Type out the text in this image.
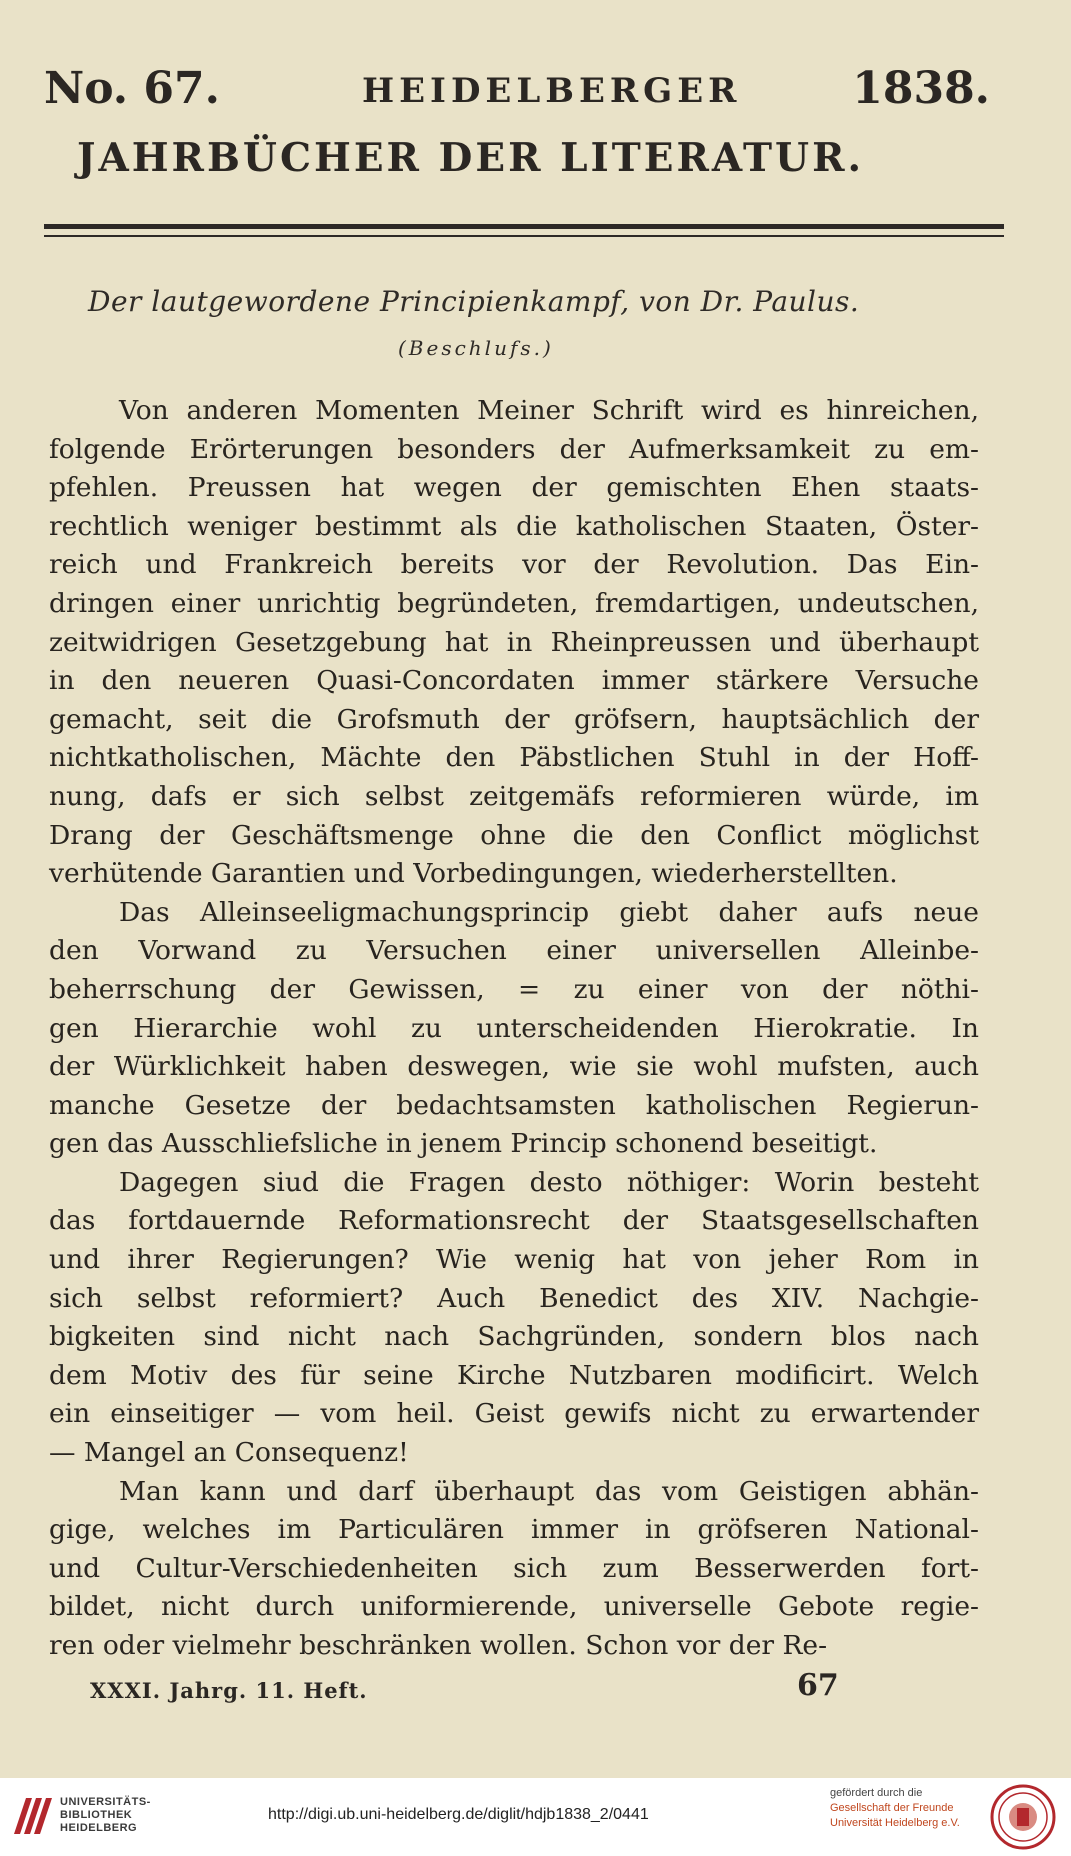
No. 67.	HEIDELBERGER	1838.
JAHRBÜCHER DER LITERATUR.
Der lautgewordene Principienkampf, von Dr. Paulus.
(Beschlufs.)
Von anderen Momenten Meiner Schrift wird es hinreichen,
folgende Erörterungen besonders der Aufmerksamkeit zu em-
pfehlen. Preussen hat wegen der gemischten Ehen staats-
rechtlich weniger bestimmt als die katholischen Staaten, Öster-
reich und Frankreich bereits vor der Revolution. Das Ein-
dringen einer unrichtig begründeten, fremdartigen, undeutschen,
zeitwidrigen Gesetzgebung hat in Rheinpreussen und überhaupt
in den neueren Quasi-Concordaten immer stärkere Versuche
gemacht, seit die Grofsmuth der gröfsern, hauptsächlich der
nichtkatholischen, Mächte den Päbstlichen Stuhl in der Hoff-
nung, dafs er sich selbst zeitgemäfs reformieren würde, im
Drang der Geschäftsmenge ohne die den Conflict möglichst
verhütende Garantien und Vorbedingungen, wiederherstellten.
Das Alleinseeligmachungsprincip giebt daher aufs neue
den Vorwand zu Versuchen einer universellen Alleinbe-
beherrschung der Gewissen, = zu einer von der nöthi-
gen Hierarchie wohl zu unterscheidenden Hierokratie. In
der Würklichkeit haben deswegen, wie sie wohl mufsten, auch
manche Gesetze der bedachtsamsten katholischen Regierun-
gen das Ausschliefsliche in jenem Princip schonend beseitigt.
Dagegen siud die Fragen desto nöthiger: Worin besteht
das fortdauernde Reformationsrecht der Staatsgesellschaften
und ihrer Regierungen? Wie wenig hat von jeher Rom in
sich selbst reformiert? Auch Benedict des XIV. Nachgie-
bigkeiten sind nicht nach Sachgründen, sondern blos nach
dem Motiv des für seine Kirche Nutzbaren modificirt. Welch
ein einseitiger — vom heil. Geist gewifs nicht zu erwartender
— Mangel an Consequenz!
Man kann und darf überhaupt das vom Geistigen abhän-
gige, welches im Particulären immer in gröfseren National-
und Cultur-Verschiedenheiten sich zum Besserwerden fort-
bildet, nicht durch uniformierende, universelle Gebote regie-
ren oder vielmehr beschränken wollen. Schon vor der Re-
XXXI. Jahrg. 11. Heft.	67
UNIVERSITÄTS-
BIBLIOTHEK
HEIDELBERG
http://digi.ub.uni-heidelberg.de/diglit/hdjb1838_2/0441
gefördert durch die
Gesellschaft der Freunde
Universität Heidelberg e.V.
